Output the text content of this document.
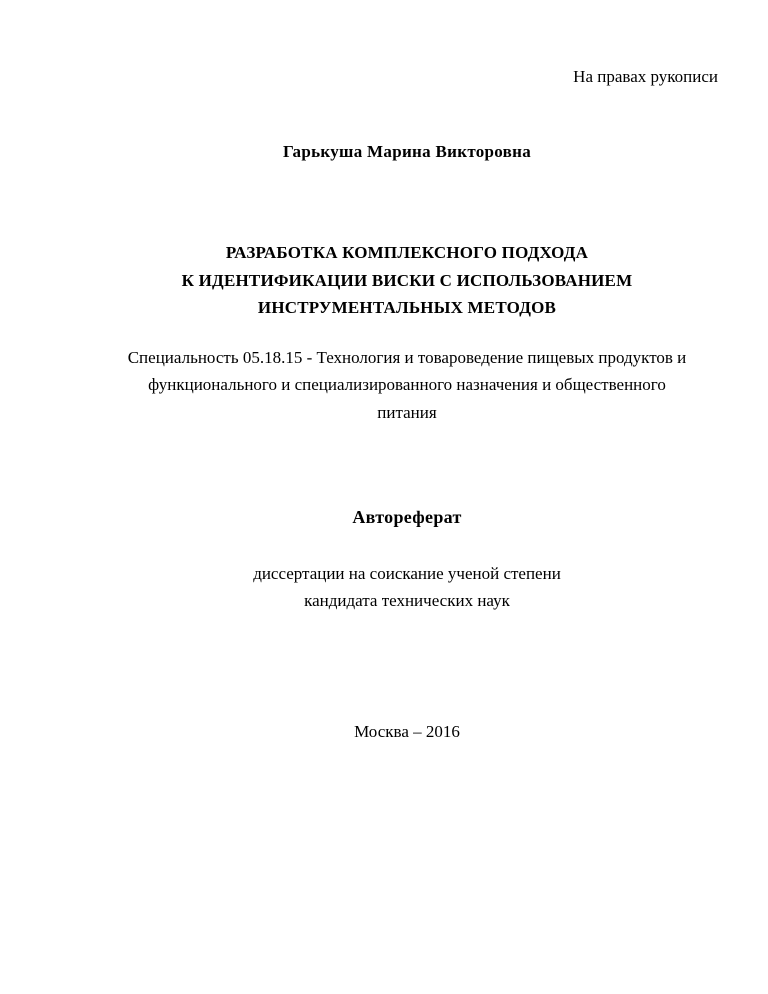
На правах рукописи
Гарькуша Марина Викторовна
РАЗРАБОТКА КОМПЛЕКСНОГО ПОДХОДА
К ИДЕНТИФИКАЦИИ ВИСКИ С ИСПОЛЬЗОВАНИЕМ
ИНСТРУМЕНТАЛЬНЫХ МЕТОДОВ
Специальность 05.18.15 - Технология и товароведение пищевых продуктов и
функционального и специализированного назначения и общественного
питания
Автореферат
диссертации на соискание ученой степени
кандидата технических наук
Москва – 2016
